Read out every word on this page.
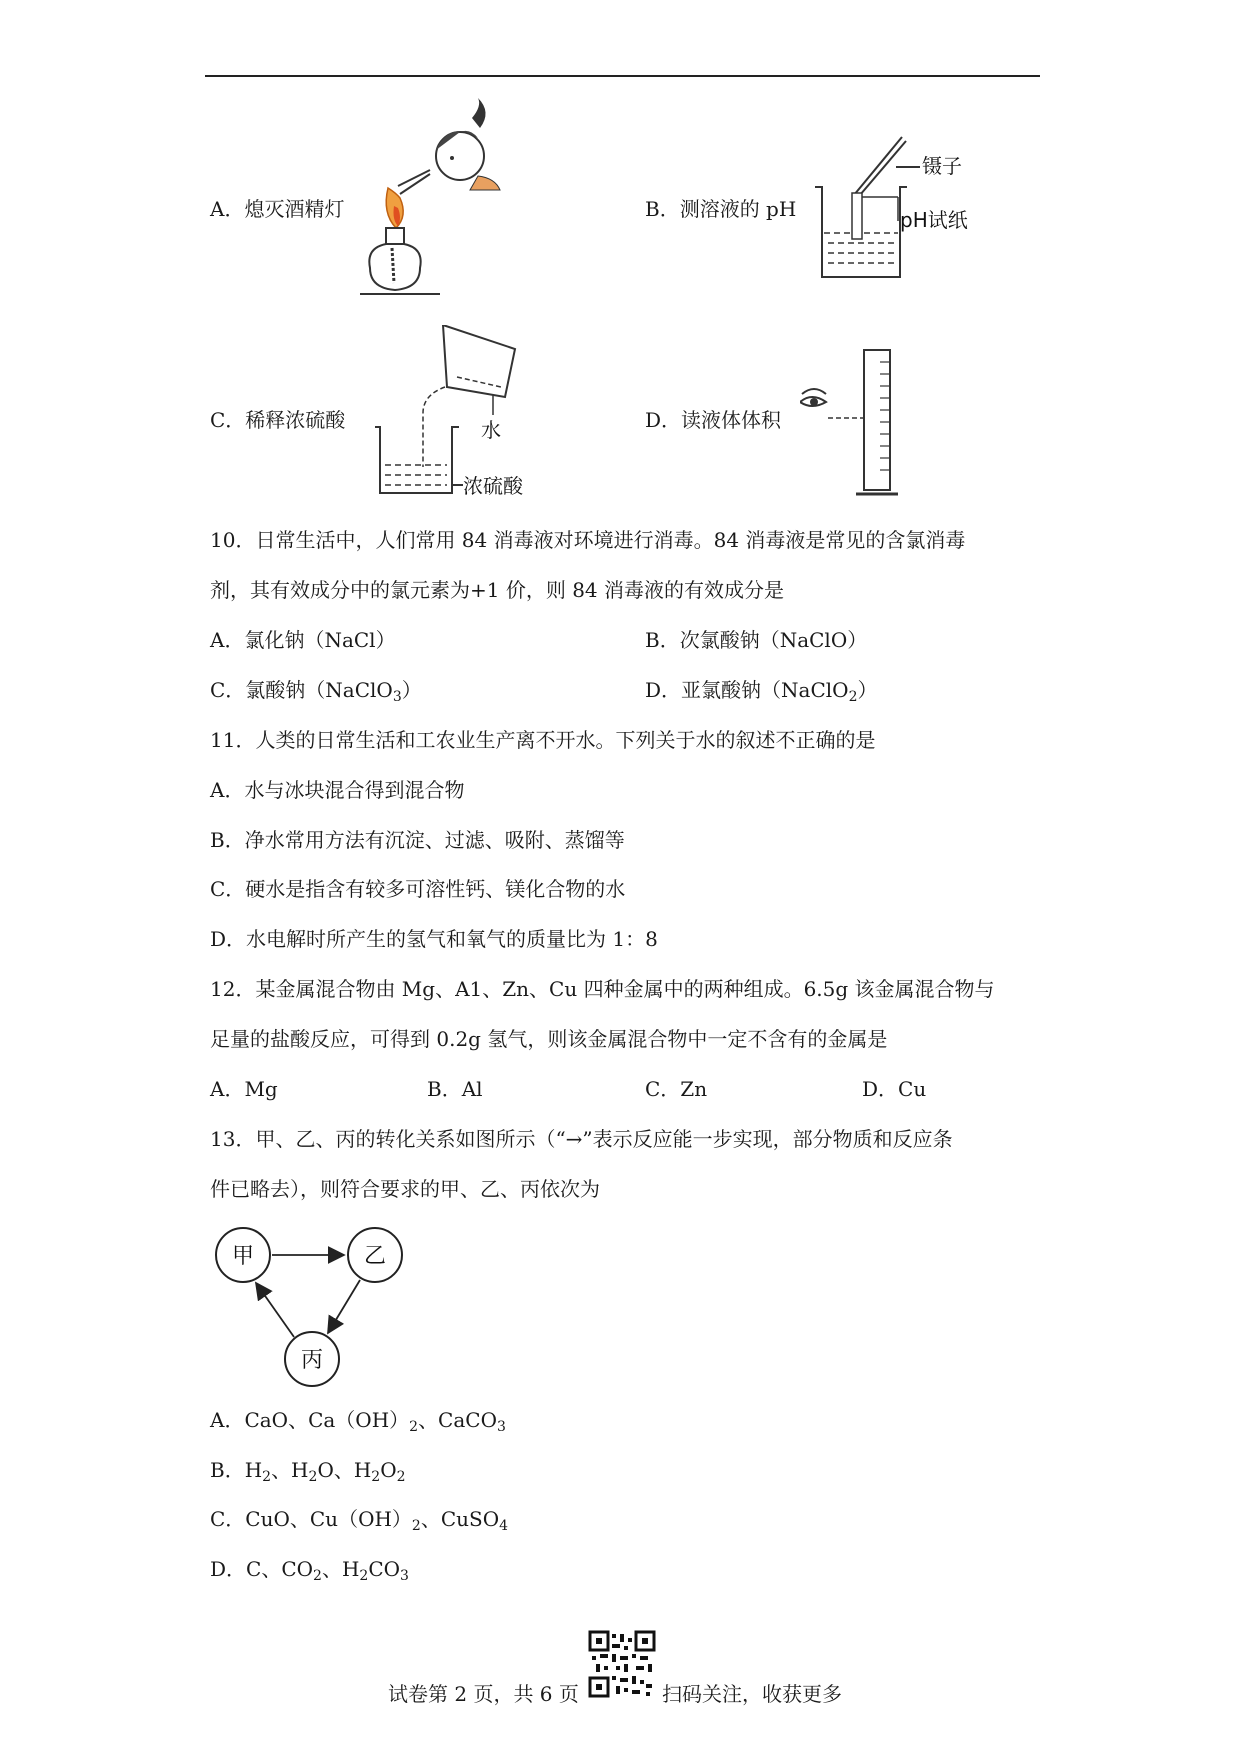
A．熄灭酒精灯	B．测溶液的 pH
镊子
pH试纸
C．稀释浓硫酸	水
浓硫酸
D．读液体体积
10．日常生活中，人们常用 84 消毒液对环境进行消毒。84 消毒液是常见的含氯消毒
剂，其有效成分中的氯元素为+1 价，则 84 消毒液的有效成分是
A．氯化钠（NaCl）	B．次氯酸钠（NaClO）
C．氯酸钠（NaClO$_3$）	D．亚氯酸钠（NaClO$_2$）
11．人类的日常生活和工农业生产离不开水。下列关于水的叙述不正确的是
A．水与冰块混合得到混合物
B．净水常用方法有沉淀、过滤、吸附、蒸馏等
C．硬水是指含有较多可溶性钙、镁化合物的水
D．水电解时所产生的氢气和氧气的质量比为 1：8
12．某金属混合物由 Mg、A1、Zn、Cu 四种金属中的两种组成。6.5g 该金属混合物与
足量的盐酸反应，可得到 0.2g 氢气，则该金属混合物中一定不含有的金属是
A．Mg	B．Al	C．Zn	D．Cu
13．甲、乙、丙的转化关系如图所示（“→”表示反应能一步实现，部分物质和反应条
件已略去），则符合要求的甲、乙、丙依次为
甲	乙
丙
A．CaO、$Ca(OH)_2$、CaCO$_3$
B．$H_2$、$H_2O$、$H_2O_2$
C．CuO、$Cu(OH)_2$、CuSO$_4$
D．C、$CO_2$、$H_2CO_3$
试卷第 2 页，共 6 页	扫码关注，收获更多
